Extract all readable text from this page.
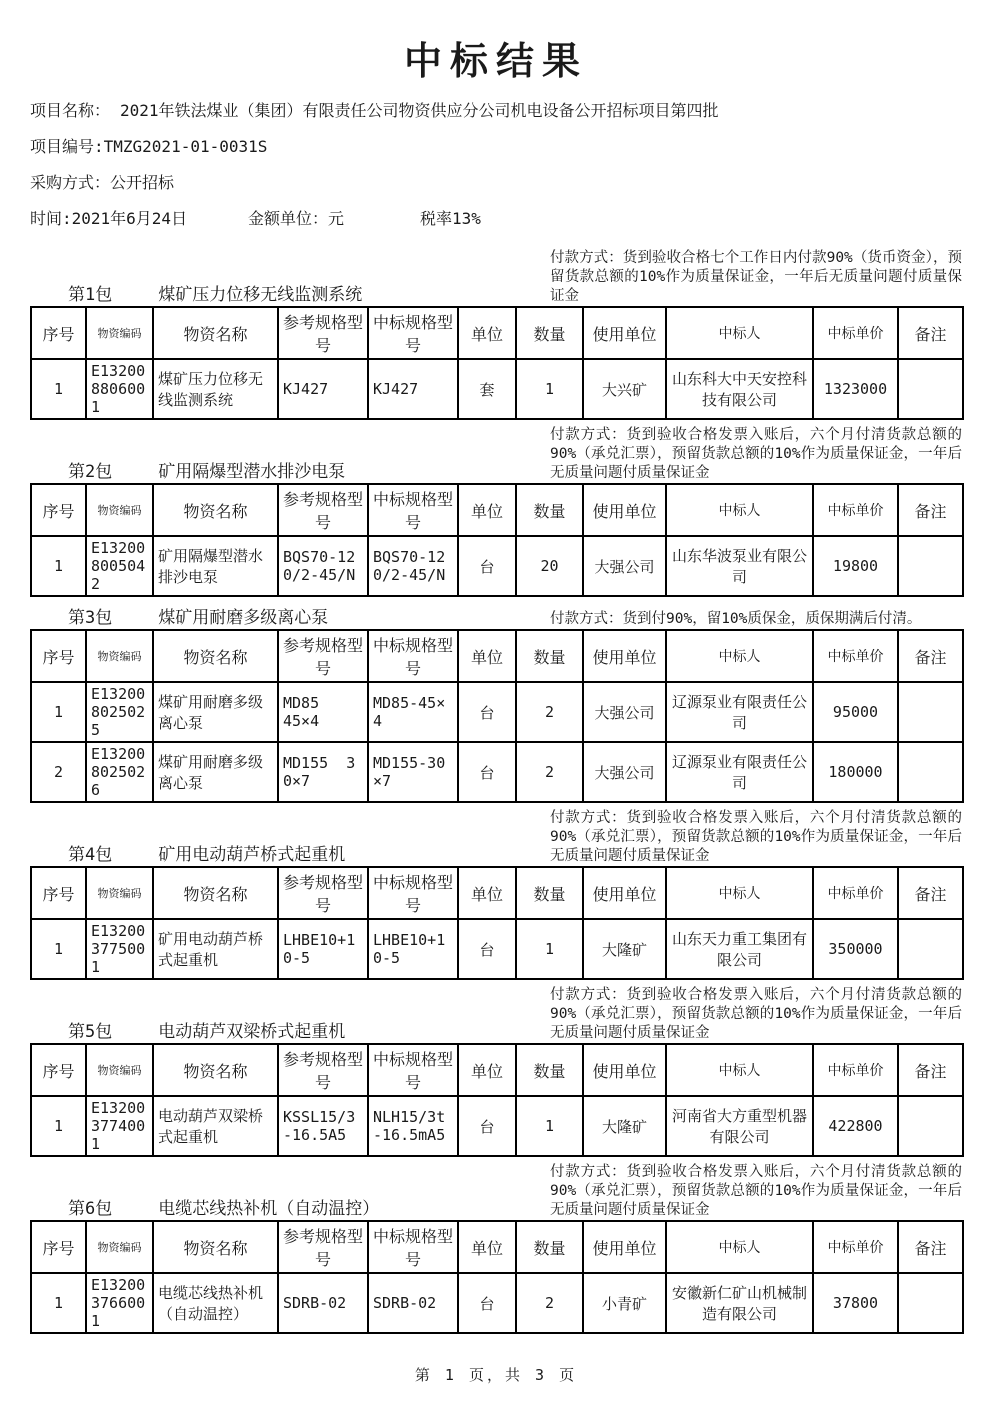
中标结果

项目名称： 2021年铁法煤业（集团）有限责任公司物资供应分公司机电设备公开招标项目第四批

项目编号:TMZG2021-01-0031S

采购方式：公开招标

时间:2021年6月24日	金额单位：元	税率13%

第1包	煤矿压力位移无线监测系统

付款方式：货到验收合格七个工作日内付款90%（货币资金），预留货款总额的10%作为质量保证金，一年后无质量问题付质量保证金

序号	物资编码	物资名称	参考规格型号	中标规格型号	单位	数量	使用单位	中标人	中标单价	备注
1	E132008806001	煤矿压力位移无线监测系统	KJ427	KJ427	套	1	大兴矿	山东科大中天安控科技有限公司	1323000	
第2包	矿用隔爆型潜水排沙电泵

付款方式：货到验收合格发票入账后，六个月付清货款总额的90%（承兑汇票），预留货款总额的10%作为质量保证金，一年后无质量问题付质量保证金

序号	物资编码	物资名称	参考规格型号	中标规格型号	单位	数量	使用单位	中标人	中标单价	备注
1	E132008005042	矿用隔爆型潜水排沙电泵	BQS70-120/2-45/N	BQS70-120/2-45/N	台	20	大强公司	山东华波泵业有限公司	19800	
第3包	煤矿用耐磨多级离心泵	付款方式：货到付90%，留10%质保金，质保期满后付清。

序号	物资编码	物资名称	参考规格型号	中标规格型号	单位	数量	使用单位	中标人	中标单价	备注
1	E132008025025	煤矿用耐磨多级离心泵	MD85    45×4	MD85-45×4	台	2	大强公司	辽源泵业有限责任公司	95000	
2	E132008025026	煤矿用耐磨多级离心泵	MD155  30×7	MD155-30×7	台	2	大强公司	辽源泵业有限责任公司	180000	
第4包	矿用电动葫芦桥式起重机

付款方式：货到验收合格发票入账后，六个月付清货款总额的90%（承兑汇票），预留货款总额的10%作为质量保证金，一年后无质量问题付质量保证金

序号	物资编码	物资名称	参考规格型号	中标规格型号	单位	数量	使用单位	中标人	中标单价	备注
1	E132003775001	矿用电动葫芦桥式起重机	LHBE10+10-5	LHBE10+10-5	台	1	大隆矿	山东天力重工集团有限公司	350000	
第5包	电动葫芦双梁桥式起重机

付款方式：货到验收合格发票入账后，六个月付清货款总额的90%（承兑汇票），预留货款总额的10%作为质量保证金，一年后无质量问题付质量保证金

序号	物资编码	物资名称	参考规格型号	中标规格型号	单位	数量	使用单位	中标人	中标单价	备注
1	E132003774001	电动葫芦双梁桥式起重机	KSSL15/3-16.5A5	NLH15/3t-16.5mA5	台	1	大隆矿	河南省大方重型机器有限公司	422800	
第6包	电缆芯线热补机（自动温控）

付款方式：货到验收合格发票入账后，六个月付清货款总额的90%（承兑汇票），预留货款总额的10%作为质量保证金，一年后无质量问题付质量保证金

序号	物资编码	物资名称	参考规格型号	中标规格型号	单位	数量	使用单位	中标人	中标单价	备注
1	E132003766001	电缆芯线热补机（自动温控）	SDRB-02	SDRB-02	台	2	小青矿	安徽新仁矿山机械制造有限公司	37800	

第 1 页，共 3 页
